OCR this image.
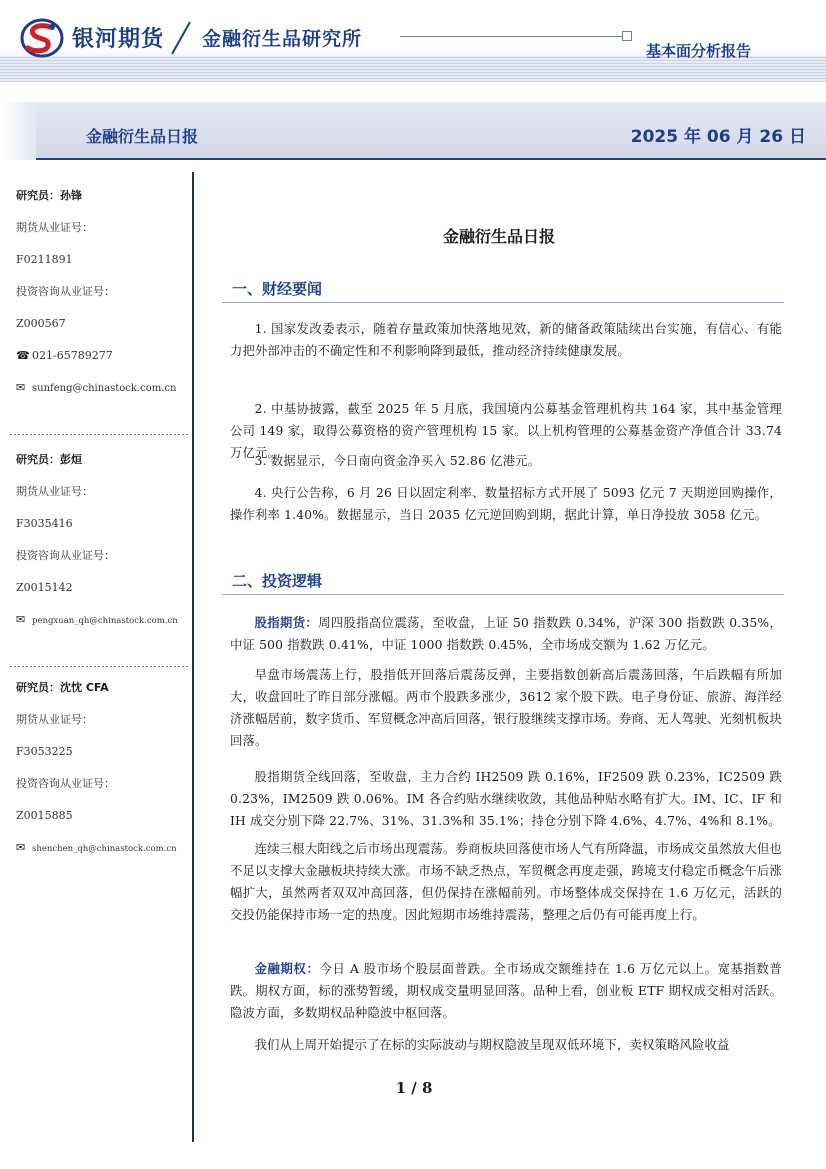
银河期货 金融衍生品研究所
基本面分析报告
金融衍生品日报	2025 年 06 月 26 日
研究员：孙锋
期货从业证号：
F0211891
投资咨询从业证号：
Z000567
☎ 021-65789277
✉ sunfeng@chinastock.com.cn
研究员：彭烜
期货从业证号：
F3035416
投资咨询从业证号：
Z0015142
✉ pengxuan_qh@chinastock.com.cn
研究员：沈忱 CFA
期货从业证号：
F3053225
投资咨询从业证号：
Z0015885
✉ shenchen_qh@chinastock.com.cn
金融衍生品日报
一、财经要闻

1. 国家发改委表示，随着存量政策加快落地见效，新的储备政策陆续出台实施，有信心、有能力把外部冲击的不确定性和不利影响降到最低，推动经济持续健康发展。

2. 中基协披露，截至 2025 年 5 月底，我国境内公募基金管理机构共 164 家，其中基金管理公司 149 家，取得公募资格的资产管理机构 15 家。以上机构管理的公募基金资产净值合计 33.74 万亿元。

3. 数据显示，今日南向资金净买入 52.86 亿港元。

4. 央行公告称，6 月 26 日以固定利率、数量招标方式开展了 5093 亿元 7 天期逆回购操作，操作利率 1.40%。数据显示，当日 2035 亿元逆回购到期，据此计算，单日净投放 3058 亿元。

二、投资逻辑

股指期货：周四股指高位震荡，至收盘，上证 50 指数跌 0.34%，沪深 300 指数跌 0.35%，中证 500 指数跌 0.41%，中证 1000 指数跌 0.45%，全市场成交额为 1.62 万亿元。

早盘市场震荡上行，股指低开回落后震荡反弹，主要指数创新高后震荡回落，午后跌幅有所加大，收盘回吐了昨日部分涨幅。两市个股跌多涨少，3612 家个股下跌。电子身份证、旅游、海洋经济涨幅居前，数字货币、军贸概念冲高后回落，银行股继续支撑市场。券商、无人驾驶、光刻机板块回落。

股指期货全线回落，至收盘，主力合约 IH2509 跌 0.16%，IF2509 跌 0.23%，IC2509 跌 0.23%，IM2509 跌 0.06%。IM 各合约贴水继续收敛，其他品种贴水略有扩大。IM、IC、IF 和 IH 成交分别下降 22.7%、31%、31.3%和 35.1%；持仓分别下降 4.6%、4.7%、4%和 8.1%。

连续三根大阳线之后市场出现震荡。券商板块回落使市场人气有所降温，市场成交虽然放大但也不足以支撑大金融板块持续大涨。市场不缺乏热点，军贸概念再度走强，跨境支付稳定币概念午后涨幅扩大，虽然两者双双冲高回落，但仍保持在涨幅前列。市场整体成交保持在 1.6 万亿元，活跃的交投仍能保持市场一定的热度。因此短期市场维持震荡，整理之后仍有可能再度上行。

金融期权：今日 A 股市场个股层面普跌。全市场成交额维持在 1.6 万亿元以上。宽基指数普跌。期权方面，标的涨势暂缓，期权成交量明显回落。品种上看，创业板 ETF 期权成交相对活跃。隐波方面，多数期权品种隐波中枢回落。

我们从上周开始提示了在标的实际波动与期权隐波呈现双低环境下，卖权策略风险收益

1 / 8
